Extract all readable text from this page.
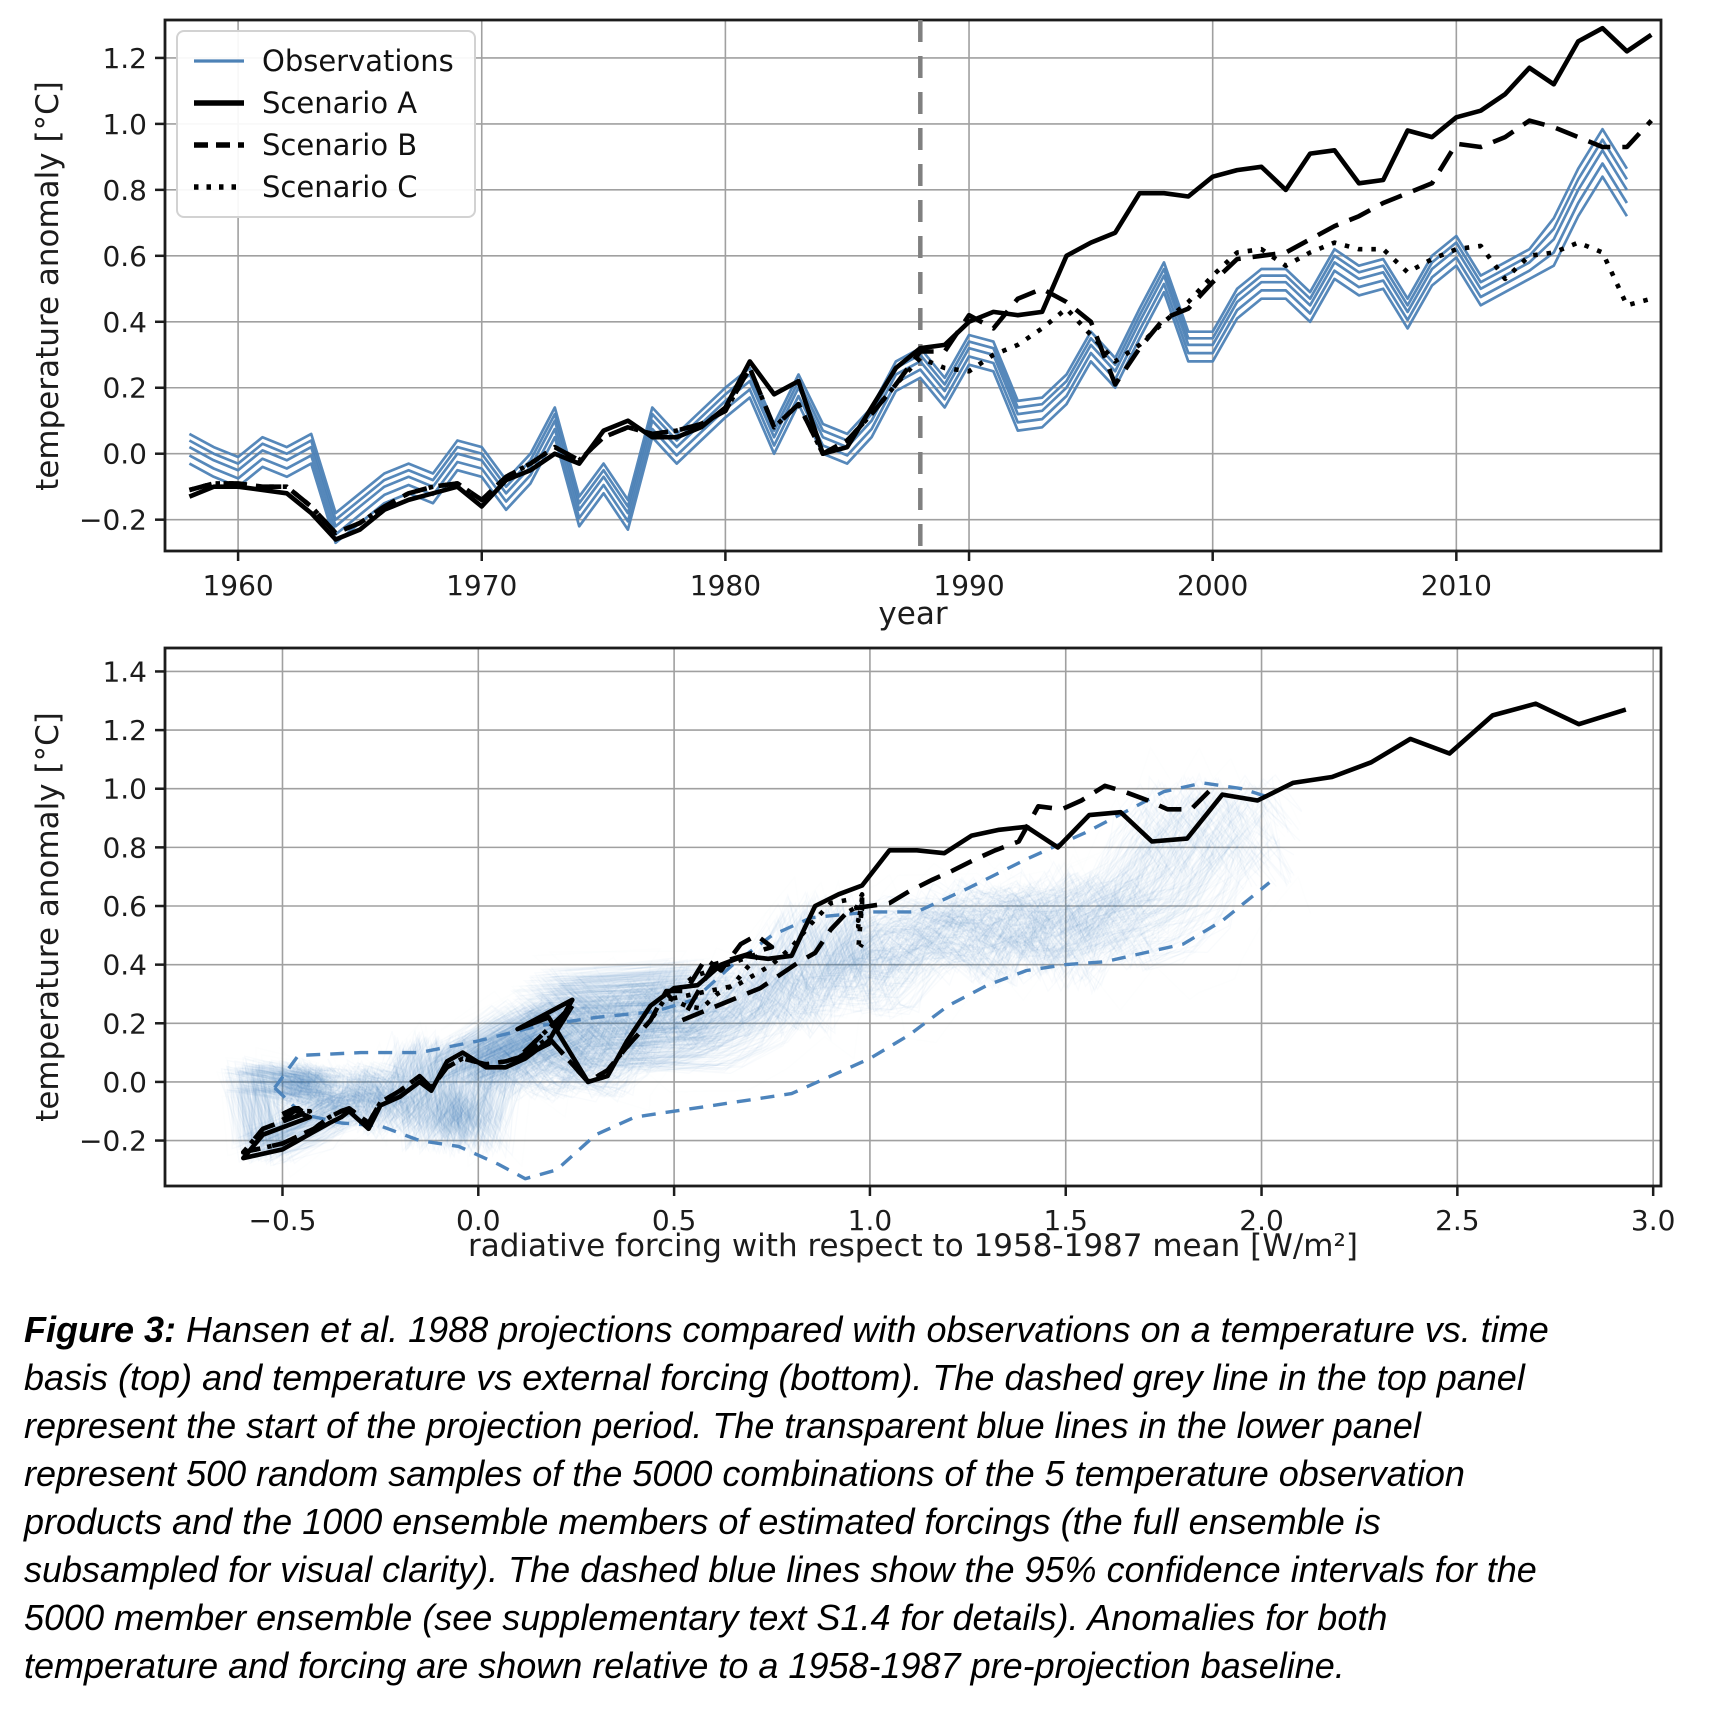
1960	1970	1980	1990	2000	2010
−0.2
0.0
0.2
0.4
0.6
0.8
1.0
1.2
−0.5	0.0	0.5	1.0	1.5	2.0	2.5	3.0
−0.2
0.0
0.2
0.4
0.6
0.8
1.0
1.2
1.4
temperature anomaly [°C]
year
temperature anomaly [°C]
radiative forcing with respect to 1958-1987 mean [W/m²]
Observations
Scenario A
Scenario B
Scenario C
Figure 3: Hansen et al. 1988 projections compared with observations on a temperature vs. time
basis (top) and temperature vs external forcing (bottom). The dashed grey line in the top panel
represent the start of the projection period. The transparent blue lines in the lower panel
represent 500 random samples of the 5000 combinations of the 5 temperature observation
products and the 1000 ensemble members of estimated forcings (the full ensemble is
subsampled for visual clarity). The dashed blue lines show the 95% confidence intervals for the
5000 member ensemble (see supplementary text S1.4 for details). Anomalies for both
temperature and forcing are shown relative to a 1958-1987 pre-projection baseline.
